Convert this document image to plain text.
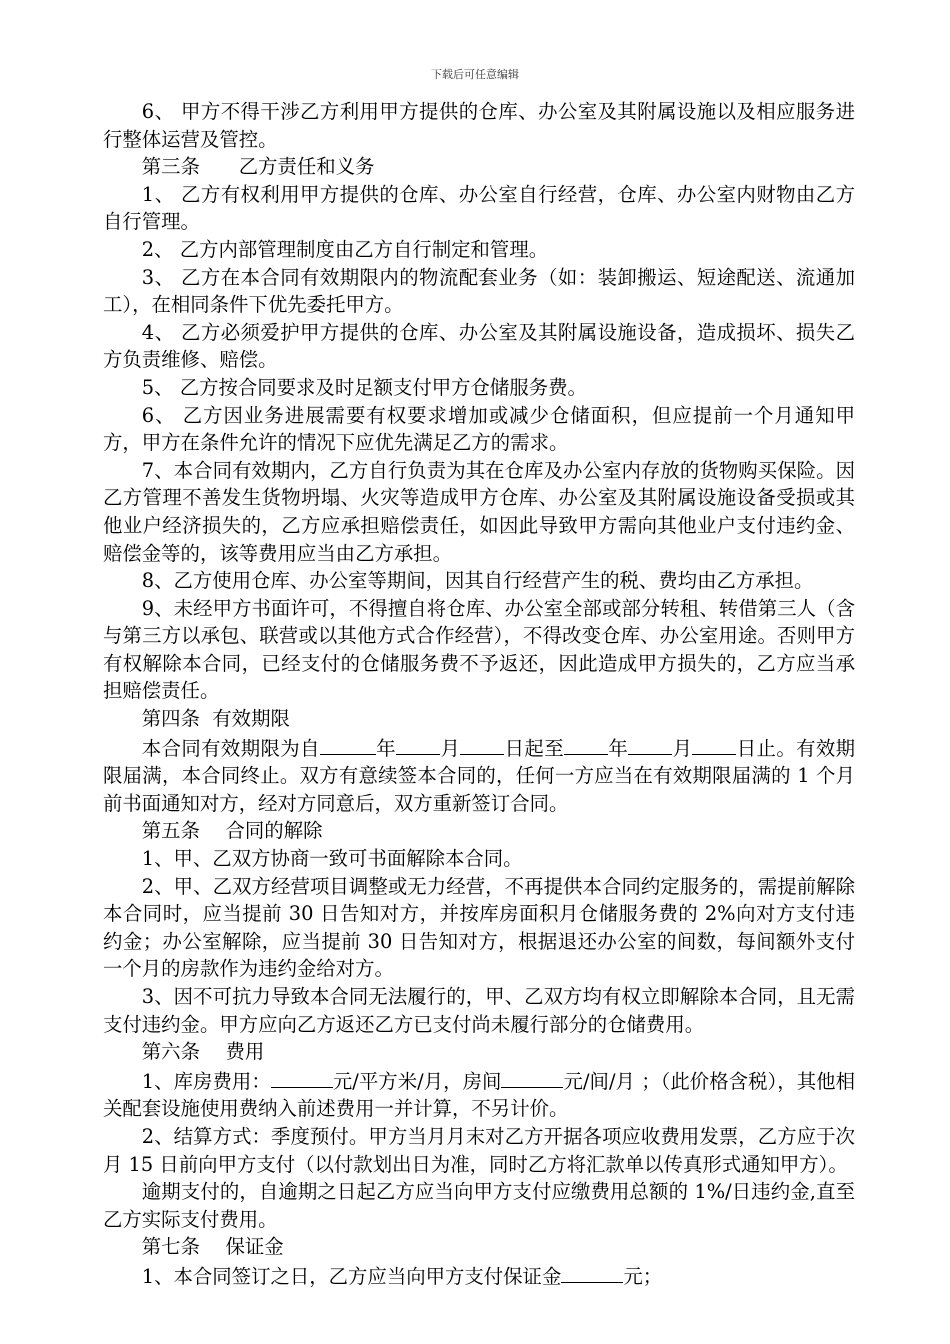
下载后可任意编辑

6、 甲方不得干涉乙方利用甲方提供的仓库、办公室及其附属设施以及相应服务进行整体运营及管控。

第三条　　乙方责任和义务

1、 乙方有权利用甲方提供的仓库、办公室自行经营，仓库、办公室内财物由乙方自行管理。

2、 乙方内部管理制度由乙方自行制定和管理。

3、 乙方在本合同有效期限内的物流配套业务（如：装卸搬运、短途配送、流通加工），在相同条件下优先委托甲方。

4、 乙方必须爱护甲方提供的仓库、办公室及其附属设施设备，造成损坏、损失乙方负责维修、赔偿。

5、 乙方按合同要求及时足额支付甲方仓储服务费。

6、 乙方因业务进展需要有权要求增加或减少仓储面积，但应提前一个月通知甲方，甲方在条件允许的情况下应优先满足乙方的需求。

7、本合同有效期内，乙方自行负责为其在仓库及办公室内存放的货物购买保险。因乙方管理不善发生货物坍塌、火灾等造成甲方仓库、办公室及其附属设施设备受损或其他业户经济损失的，乙方应承担赔偿责任，如因此导致甲方需向其他业户支付违约金、赔偿金等的，该等费用应当由乙方承担。

8、乙方使用仓库、办公室等期间，因其自行经营产生的税、费均由乙方承担。

9、未经甲方书面许可，不得擅自将仓库、办公室全部或部分转租、转借第三人（含与第三方以承包、联营或以其他方式合作经营），不得改变仓库、办公室用途。否则甲方有权解除本合同，已经支付的仓储服务费不予返还，因此造成甲方损失的，乙方应当承担赔偿责任。

第四条  有效期限

本合同有效期限为自	年 月 日起至 年 月 日止。有效期限届满，本合同终止。双方有意续签本合同的，任何一方应当在有效期限届满的 1 个月前书面通知对方，经对方同意后，双方重新签订合同。

第五条　 合同的解除

1、甲、乙双方协商一致可书面解除本合同。

2、甲、乙双方经营项目调整或无力经营，不再提供本合同约定服务的，需提前解除本合同时，应当提前 30 日告知对方，并按库房面积月仓储服务费的 2%向对方支付违约金；办公室解除，应当提前 30 日告知对方，根据退还办公室的间数，每间额外支付一个月的房款作为违约金给对方。

3、因不可抗力导致本合同无法履行的，甲、乙双方均有权立即解除本合同，且无需支付违约金。甲方应向乙方返还乙方已支付尚未履行部分的仓储费用。

第六条　 费用

1、库房费用：	元/平方米/月，房间	元/间/月 ；（此价格含税），其他相关配套设施使用费纳入前述费用一并计算，不另计价。

2、结算方式：季度预付。甲方当月月末对乙方开据各项应收费用发票，乙方应于次月 15 日前向甲方支付（以付款划出日为准，同时乙方将汇款单以传真形式通知甲方）。

逾期支付的，自逾期之日起乙方应当向甲方支付应缴费用总额的 1%/日违约金,直至乙方实际支付费用。

第七条　 保证金

1、本合同签订之日，乙方应当向甲方支付保证金	元；
